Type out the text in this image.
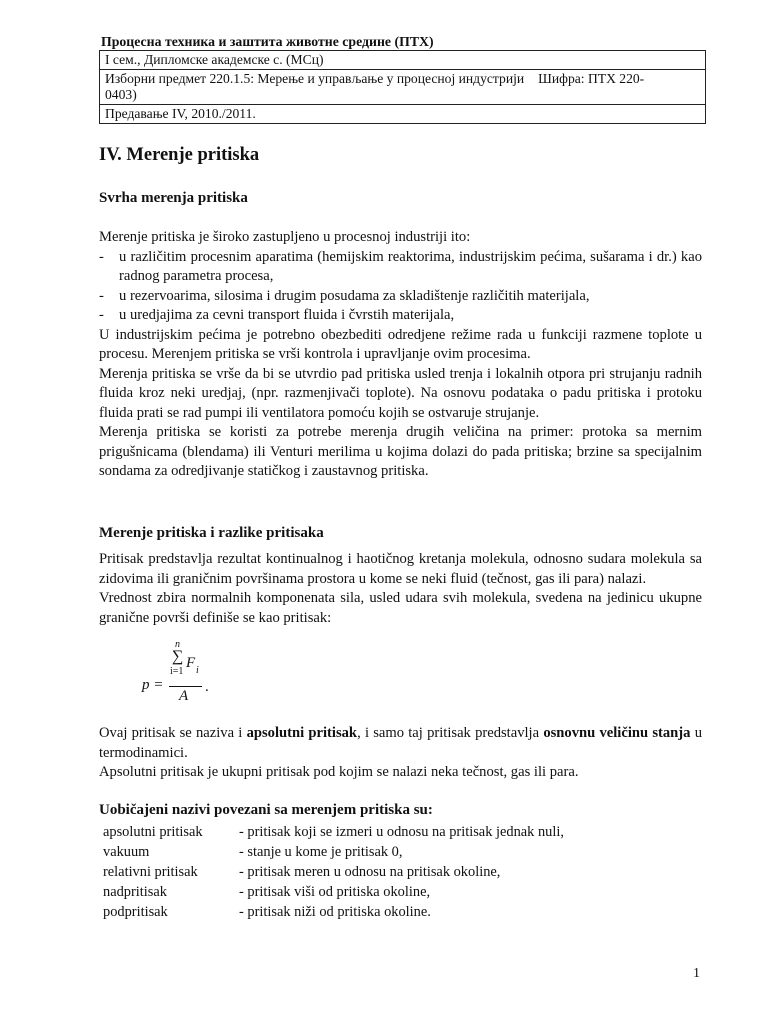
Процесна техника и заштита животне средине (ПТХ)
I сем., Дипломске академске с. (МСц)
Изборни предмет 220.1.5: Мерење и управљање у процесној индустрији Шифра: ПТХ 220-
0403)
Предавање IV, 2010./2011.
IV. Merenje pritiska
Svrha merenja pritiska

Merenje pritiska je široko zastupljeno u procesnoj industriji ito:

- u različitim procesnim aparatima (hemijskim reaktorima, industrijskim pećima, sušarama i dr.) kao radnog parametra procesa,
- u rezervoarima, silosima i drugim posudama za skladištenje različitih materijala,
- u uredjajima za cevni transport fluida i čvrstih materijala,

U industrijskim pećima je potrebno obezbediti odredjene režime rada u funkciji razmene toplote u procesu. Merenjem pritiska se vrši kontrola i upravljanje ovim procesima.

Merenja pritiska se vrše da bi se utvrdio pad pritiska usled trenja i lokalnih otpora pri strujanju radnih fluida kroz neki uredjaj, (npr. razmenjivači toplote). Na osnovu podataka o padu pritiska i protoku fluida prati se rad pumpi ili ventilatora pomoću kojih se ostvaruje strujanje.

Merenja pritiska se koristi za potrebe merenja drugih veličina na primer: protoka sa mernim prigušnicama (blendama) ili Venturi merilima u kojima dolazi do pada pritiska; brzine sa specijalnim sondama za odredjivanje statičkog i zaustavnog pritiska.

Merenje pritiska i razlike pritisaka

Pritisak predstavlja rezultat kontinualnog i haotičnog kretanja molekula, odnosno sudara molekula sa zidovima ili graničnim površinama prostora u kome se neki fluid (tečnost, gas ili para) nalazi.

Vrednost zbira normalnih komponenata sila, usled udara svih molekula, svedena na jedinicu ukupne granične površi definiše se kao pritisak:

p =
∑
n
i=1
F i
A
.

Ovaj pritisak se naziva i apsolutni pritisak, i samo taj pritisak predstavlja osnovnu veličinu stanja u termodinamici.

Apsolutni pritisak je ukupni pritisak pod kojim se nalazi neka tečnost, gas ili para.

Uobičajeni nazivi povezani sa merenjem pritiska su:
apsolutni pritisak	- pritisak koji se izmeri u odnosu na pritisak jednak nuli,
vakuum	- stanje u kome je pritisak 0,
relativni pritisak	- pritisak meren u odnosu na pritisak okoline,
nadpritisak	- pritisak viši od pritiska okoline,
podpritisak	- pritisak niži od pritiska okoline.
1
